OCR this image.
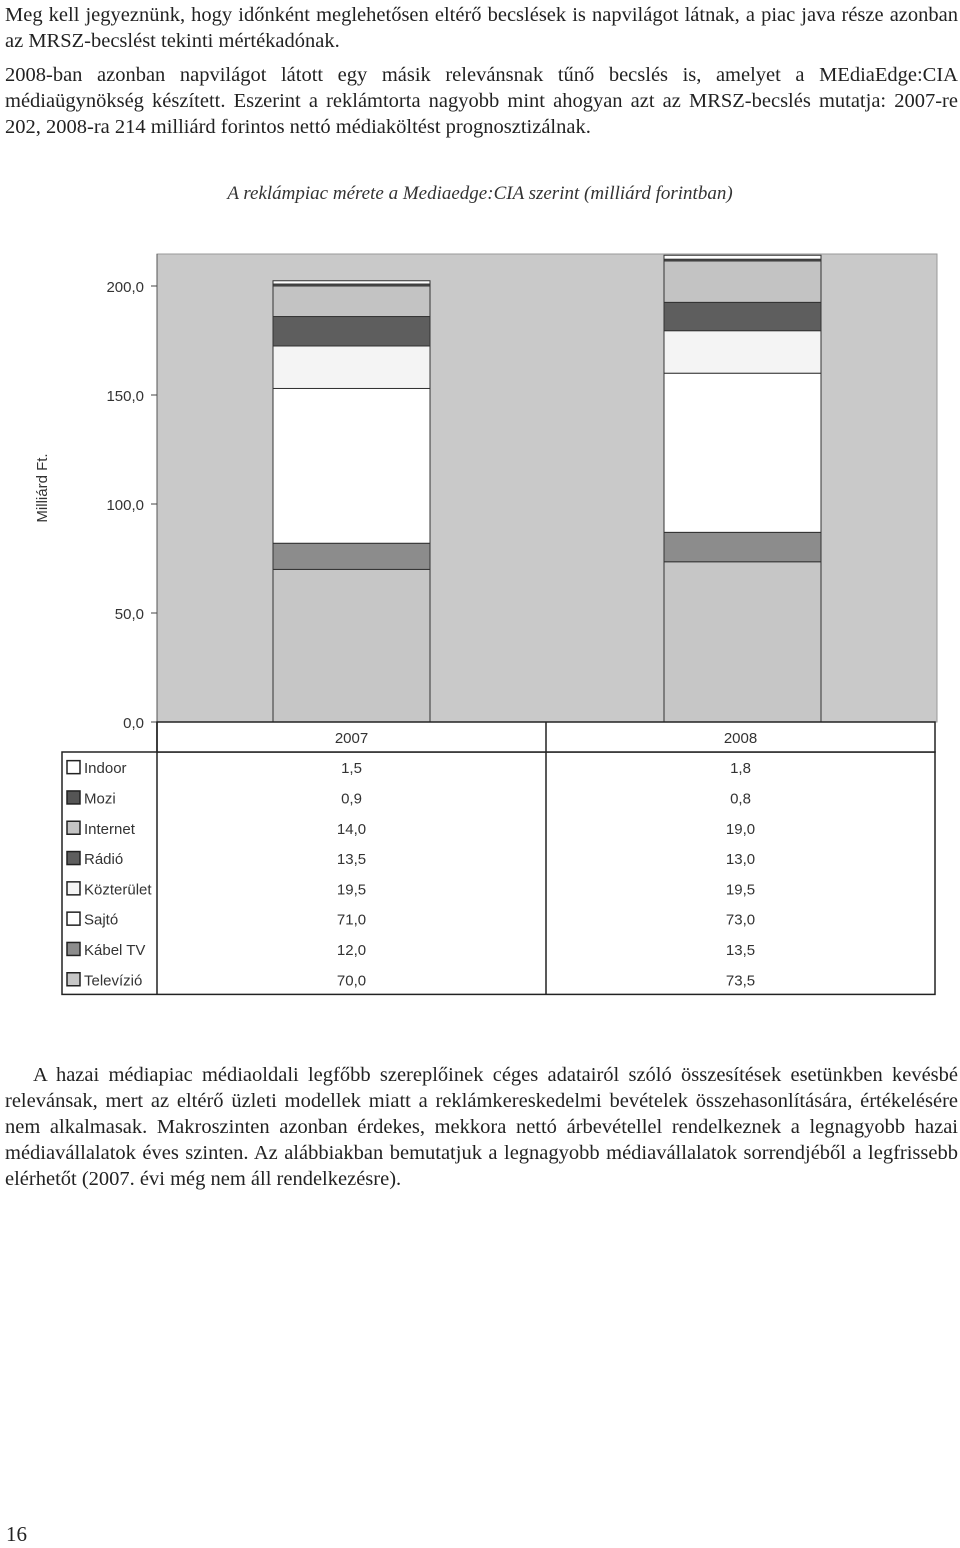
Meg kell jegyeznünk, hogy időnként meglehetősen eltérő becslések is napvilágot látnak, a piac java része azonban az MRSZ-becslést tekinti mértékadónak.

2008-ban azonban napvilágot látott egy másik relevánsnak tűnő becslés is, amelyet a MEdiaEdge:CIA médiaügynökség készített. Eszerint a reklámtorta nagyobb mint ahogyan azt az MRSZ-becslés mutatja: 2007-re 202, 2008-ra 214 milliárd forintos nettó médiaköltést prognosztizálnak.

A reklámpiac mérete a Mediaedge:CIA szerint (milliárd forintban)
0,0
50,0
100,0
150,0
200,0
Milliárd Ft.
2007	2008
Indoor	1,5	1,8
Mozi	0,9	0,8
Internet	14,0	19,0
Rádió	13,5	13,0
Közterület	19,5	19,5
Sajtó	71,0	73,0
Kábel TV	12,0	13,5
Televízió	70,0	73,5

A hazai médiapiac médiaoldali legfőbb szereplőinek céges adatairól szóló összesítések esetünkben kevésbé relevánsak, mert az eltérő üzleti modellek miatt a reklámkereskedelmi bevételek összehasonlítására, értékelésére nem alkalmasak. Makroszinten azonban érdekes, mekkora nettó árbevétellel rendelkeznek a legnagyobb hazai médiavállalatok éves szinten. Az alábbiakban bemutatjuk a legnagyobb médiavállalatok sorrendjéből a legfrissebb elérhetőt (2007. évi még nem áll rendelkezésre).

16
